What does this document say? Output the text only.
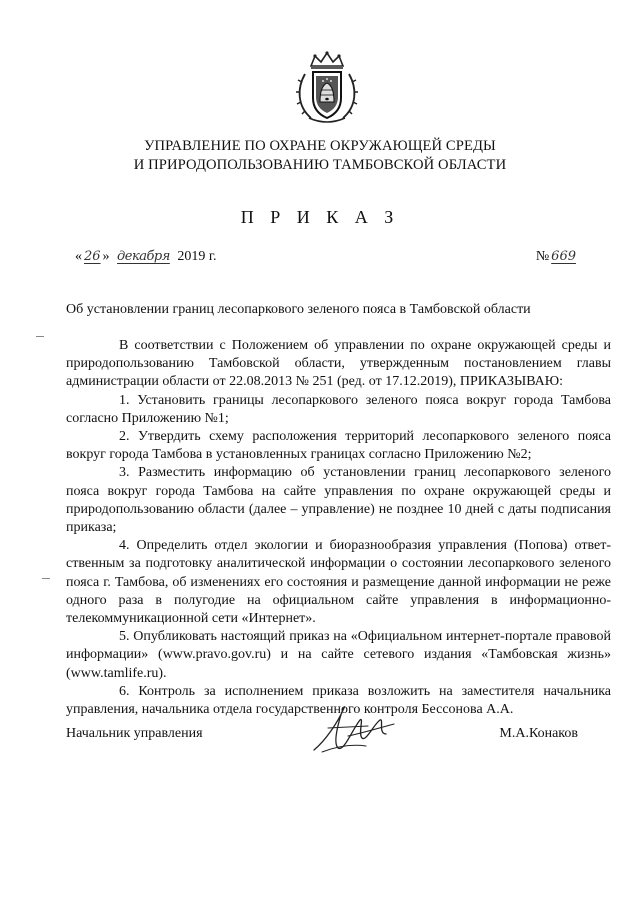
УПРАВЛЕНИЕ ПО ОХРАНЕ ОКРУЖАЮЩЕЙ СРЕДЫ
И ПРИРОДОПОЛЬЗОВАНИЮ ТАМБОВСКОЙ ОБЛАСТИ
П Р И К А З
« 26 » декабря 2019 г.	№ 669
Об установлении границ лесопаркового зеленого пояса в Тамбовской области

В соответствии с Положением об управлении по охране окружающей среды и природопользованию Тамбовской области, утвержденным постановлением главы администрации области от 22.08.2013 № 251 (ред. от 17.12.2019), ПРИКАЗЫВАЮ:

1. Установить границы лесопаркового зеленого пояса вокруг города Тамбова согласно Приложению №1;

2. Утвердить схему расположения территорий лесопаркового зеленого пояса вокруг города Тамбова в установленных границах согласно Приложению №2;

3. Разместить информацию об установлении границ лесопаркового зеленого пояса вокруг города Тамбова на сайте управления по охране окружающей среды и природопользованию области (далее – управление) не позднее 10 дней с даты подписания приказа;

4. Определить отдел экологии и биоразнообразия управления (Попова) ответственным за подготовку аналитической информации о состоянии лесопаркового зеленого пояса г. Тамбова, об изменениях его состояния и размещение данной информации не реже одного раза в полугодие на официальном сайте управления в информационно-телекоммуникационной сети «Интернет».

5. Опубликовать настоящий приказ на «Официальном интернет-портале правовой информации» (www.pravo.gov.ru) и на сайте сетевого издания «Тамбовская жизнь» (www.tamlife.ru).

6. Контроль за исполнением приказа возложить на заместителя начальника управления, начальника отдела государственного контроля Бессонова А.А.

Начальник управления	М.А.Конаков
